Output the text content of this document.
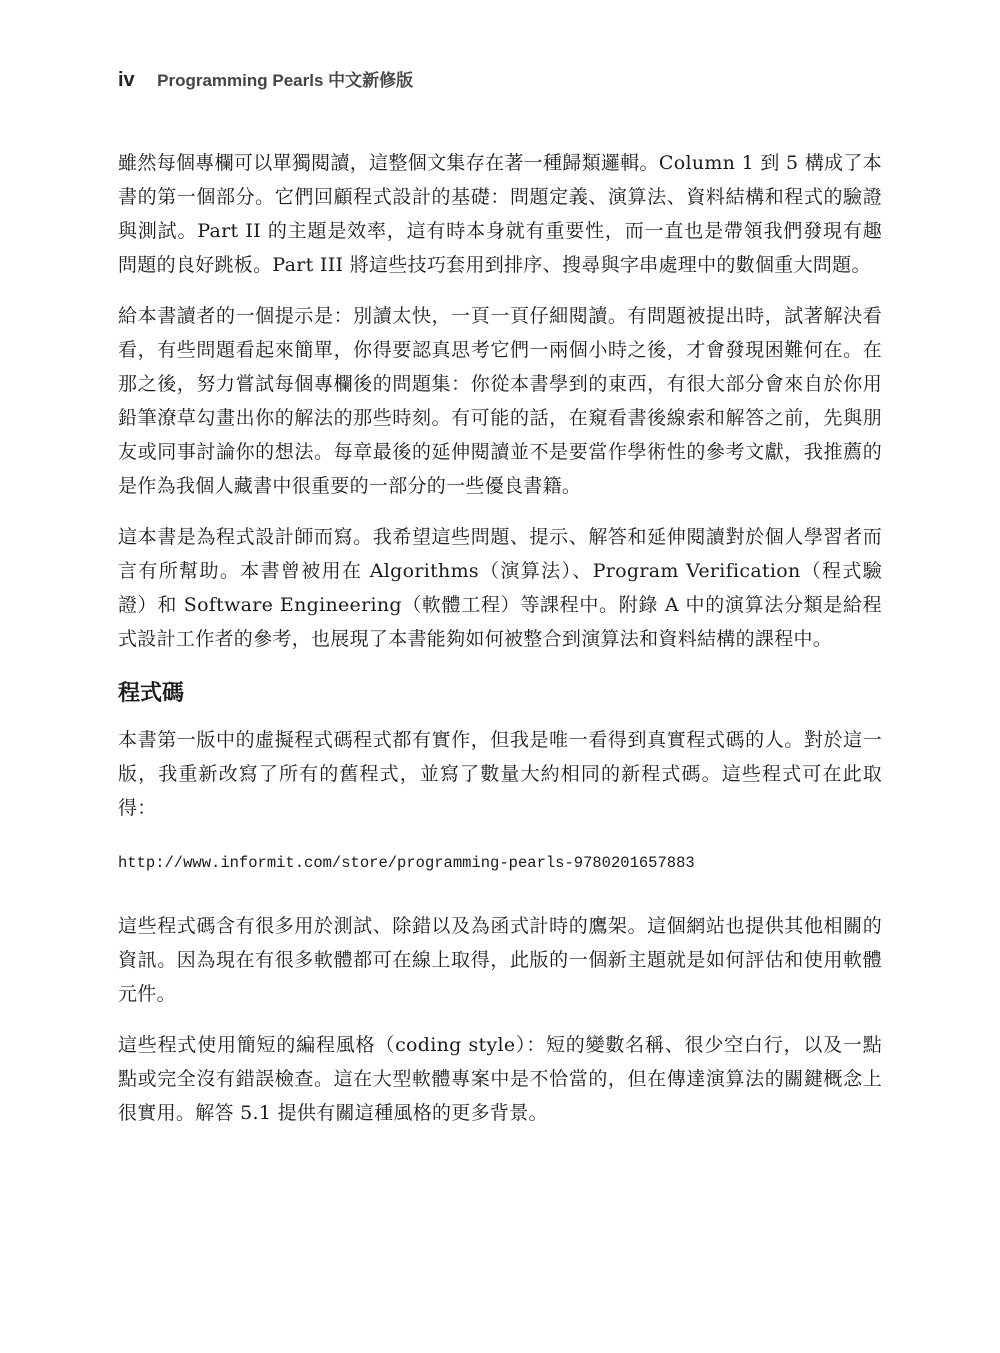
iv Programming Pearls 中文新修版

雖然每個專欄可以單獨閱讀，這整個文集存在著一種歸類邏輯。Column 1 到 5 構成了本書的第一個部分。它們回顧程式設計的基礎：問題定義、演算法、資料結構和程式的驗證與測試。Part II 的主題是效率，這有時本身就有重要性，而一直也是帶領我們發現有趣問題的良好跳板。Part III 將這些技巧套用到排序、搜尋與字串處理中的數個重大問題。

給本書讀者的一個提示是：別讀太快，一頁一頁仔細閱讀。有問題被提出時，試著解決看看，有些問題看起來簡單，你得要認真思考它們一兩個小時之後，才會發現困難何在。在那之後，努力嘗試每個專欄後的問題集：你從本書學到的東西，有很大部分會來自於你用鉛筆潦草勾畫出你的解法的那些時刻。有可能的話，在窺看書後線索和解答之前，先與朋友或同事討論你的想法。每章最後的延伸閱讀並不是要當作學術性的參考文獻，我推薦的是作為我個人藏書中很重要的一部分的一些優良書籍。

這本書是為程式設計師而寫。我希望這些問題、提示、解答和延伸閱讀對於個人學習者而言有所幫助。本書曾被用在 Algorithms（演算法）、Program Verification（程式驗證）和 Software Engineering（軟體工程）等課程中。附錄 A 中的演算法分類是給程式設計工作者的參考，也展現了本書能夠如何被整合到演算法和資料結構的課程中。

程式碼

本書第一版中的虛擬程式碼程式都有實作，但我是唯一看得到真實程式碼的人。對於這一版，我重新改寫了所有的舊程式，並寫了數量大約相同的新程式碼。這些程式可在此取得：

http://www.informit.com/store/programming-pearls-9780201657883

這些程式碼含有很多用於測試、除錯以及為函式計時的鷹架。這個網站也提供其他相關的資訊。因為現在有很多軟體都可在線上取得，此版的一個新主題就是如何評估和使用軟體元件。

這些程式使用簡短的編程風格（coding style）：短的變數名稱、很少空白行，以及一點點或完全沒有錯誤檢查。這在大型軟體專案中是不恰當的，但在傳達演算法的關鍵概念上很實用。解答 5.1 提供有關這種風格的更多背景。
